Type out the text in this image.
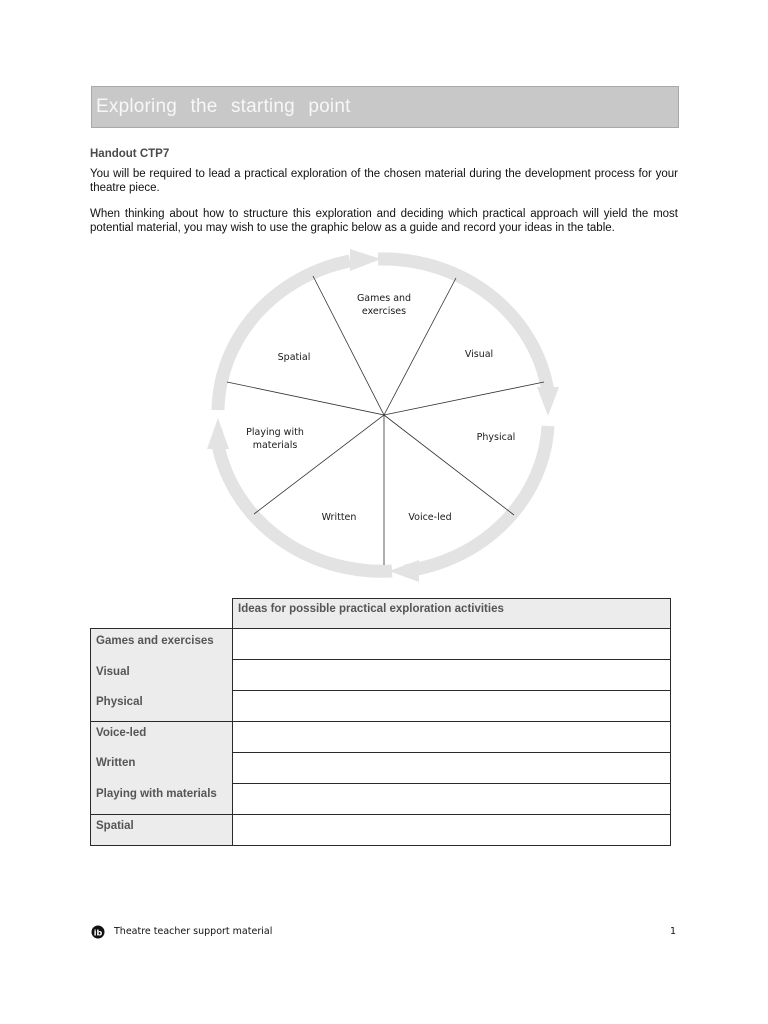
Exploring the starting point
Handout CTP7
You will be required to lead a practical exploration of the chosen material during the development process for your theatre piece.
When thinking about how to structure this exploration and deciding which practical approach will yield the most potential material, you may wish to use the graphic below as a guide and record your ideas in the table.
Games and
exercises
Visual
Physical
Voice-led
Written
Playing with
materials
Spatial
	Ideas for possible practical exploration activities

Games and exercises
Visual
Physical	

Voice-led
Written
Playing with materials	

Spatial	

ib Theatre teacher support material	1
